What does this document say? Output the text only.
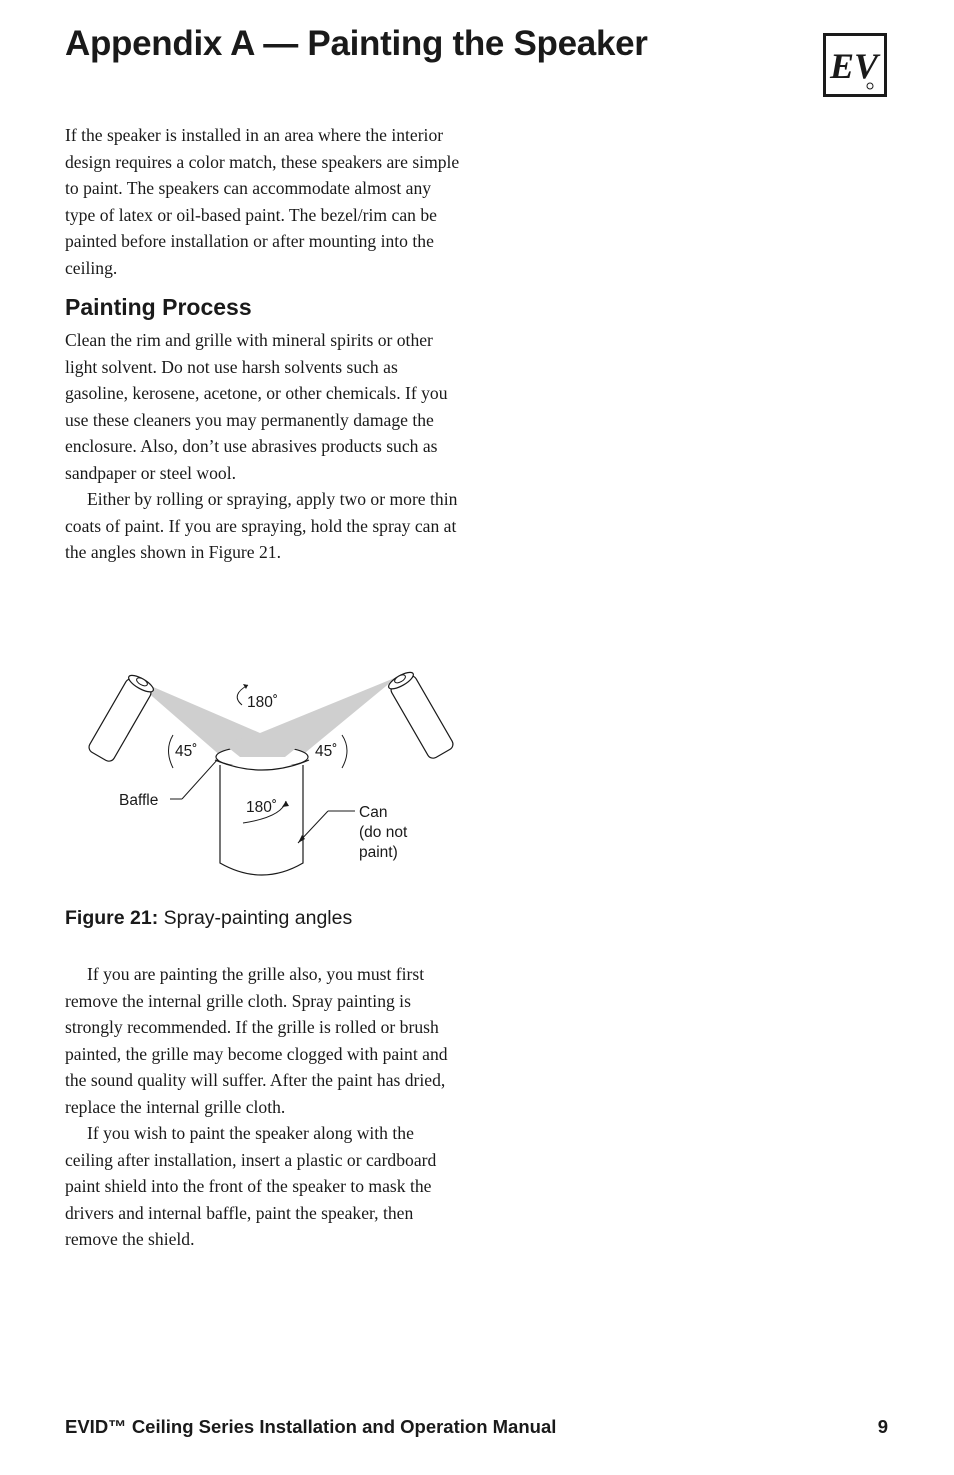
Appendix A — Painting the Speaker
EV

If the speaker is installed in an area where the interior design requires a color match, these speakers are simple to paint. The speakers can accommodate almost any type of latex or oil-based paint. The bezel/rim can be painted before installation or after mounting into the ceiling.

Painting Process

Clean the rim and grille with mineral spirits or other light solvent. Do not use harsh solvents such as gasoline, kerosene, acetone, or other chemicals. If you use these cleaners you may permanently damage the enclosure. Also, don’t use abrasives products such as sandpaper or steel wool.

Either by rolling or spraying, apply two or more thin coats of paint. If you are spraying, hold the spray can at the angles shown in Figure 21.

180˚
45˚	45˚
Baffle	180˚	Can
(do not
paint)
Figure 21: Spray-painting angles

If you are painting the grille also, you must first remove the internal grille cloth. Spray painting is strongly recommended. If the grille is rolled or brush painted, the grille may become clogged with paint and the sound quality will suffer. After the paint has dried, replace the internal grille cloth.

If you wish to paint the speaker along with the ceiling after installation, insert a plastic or cardboard paint shield into the front of the speaker to mask the drivers and internal baffle, paint the speaker, then remove the shield.

EVID™ Ceiling Series Installation and Operation Manual	9
